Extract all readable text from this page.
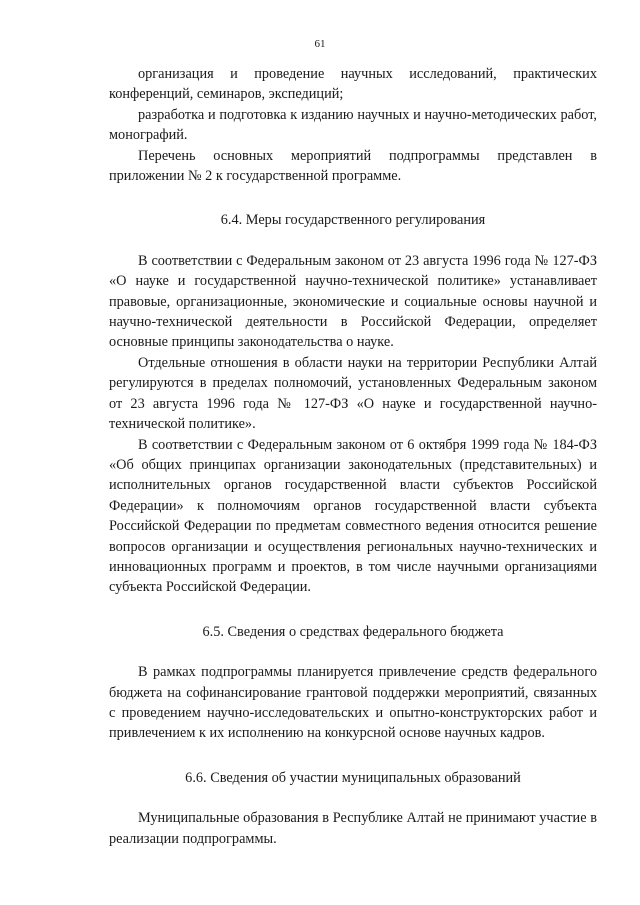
61

организация и проведение научных исследований, практических конференций, семинаров, экспедиций;

разработка и подготовка к изданию научных и научно-методических работ, монографий.

Перечень основных мероприятий подпрограммы представлен в приложении № 2 к государственной программе.

6.4. Меры государственного регулирования

В соответствии с Федеральным законом от 23 августа 1996 года № 127-ФЗ «О науке и государственной научно-технической политике» устанавливает правовые, организационные, экономические и социальные основы научной и научно-технической деятельности в Российской Федерации, определяет основные принципы законодательства о науке.

Отдельные отношения в области науки на территории Республики Алтай регулируются в пределах полномочий, установленных Федеральным законом от 23 августа 1996 года № 127-ФЗ «О науке и государственной научно-технической политике».

В соответствии с Федеральным законом от 6 октября 1999 года № 184-ФЗ «Об общих принципах организации законодательных (представительных) и исполнительных органов государственной власти субъектов Российской Федерации» к полномочиям органов государственной власти субъекта Российской Федерации по предметам совместного ведения относится решение вопросов организации и осуществления региональных научно-технических и инновационных программ и проектов, в том числе научными организациями субъекта Российской Федерации.

6.5. Сведения о средствах федерального бюджета

В рамках подпрограммы планируется привлечение средств федерального бюджета на софинансирование грантовой поддержки мероприятий, связанных с проведением научно-исследовательских и опытно-конструкторских работ и привлечением к их исполнению на конкурсной основе научных кадров.

6.6. Сведения об участии муниципальных образований

Муниципальные образования в Республике Алтай не принимают участие в реализации подпрограммы.
